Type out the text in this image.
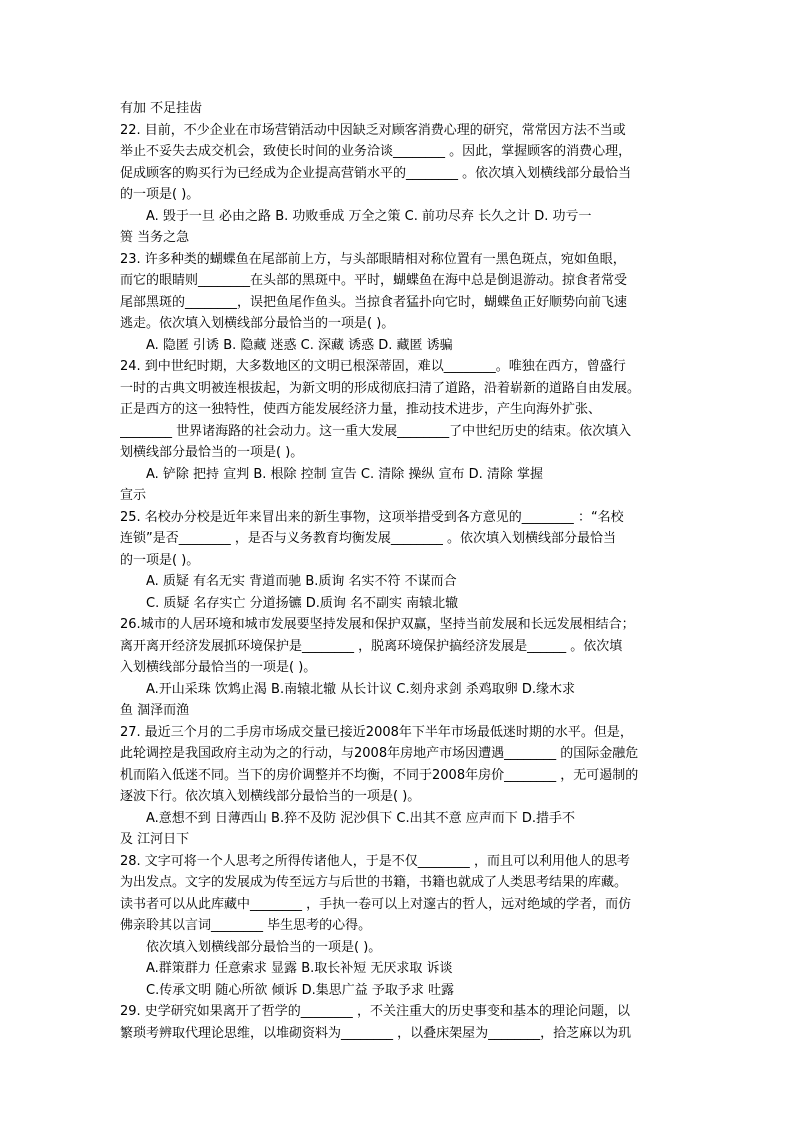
有加 不足挂齿
22. 目前，不少企业在市场营销活动中因缺乏对顾客消费心理的研究，常常因方法不当或
举止不妥失去成交机会，致使长时间的业务洽谈________ 。因此，掌握顾客的消费心理，
促成顾客的购买行为已经成为企业提高营销水平的________ 。依次填入划横线部分最恰当
的一项是( )。
A. 毁于一旦 必由之路 B. 功败垂成 万全之策 C. 前功尽弃 长久之计 D. 功亏一
篑 当务之急
23. 许多种类的蝴蝶鱼在尾部前上方，与头部眼睛相对称位置有一黑色斑点，宛如鱼眼，
而它的眼睛则________在头部的黑斑中。平时，蝴蝶鱼在海中总是倒退游动。掠食者常受
尾部黑斑的________，误把鱼尾作鱼头。当掠食者猛扑向它时，蝴蝶鱼正好顺势向前飞速
逃走。依次填入划横线部分最恰当的一项是( )。
A. 隐匿 引诱 B. 隐藏 迷惑 C. 深藏 诱惑 D. 藏匿 诱骗
24. 到中世纪时期，大多数地区的文明已根深蒂固，难以________。唯独在西方，曾盛行
一时的古典文明被连根拔起，为新文明的形成彻底扫清了道路，沿着崭新的道路自由发展。
正是西方的这一独特性，使西方能发展经济力量，推动技术进步，产生向海外扩张、
________ 世界诸海路的社会动力。这一重大发展________了中世纪历史的结束。依次填入
划横线部分最恰当的一项是( )。
A. 铲除 把持 宣判 B. 根除 控制 宣告 C. 清除 操纵 宣布 D. 清除 掌握
宣示
25. 名校办分校是近年来冒出来的新生事物，这项举措受到各方意见的________ ：“名校
连锁”是否________ ，是否与义务教育均衡发展________ 。依次填入划横线部分最恰当
的一项是( )。
A. 质疑 有名无实 背道而驰 B.质询 名实不符 不谋而合
C. 质疑 名存实亡 分道扬镳 D.质询 名不副实 南辕北辙
26.城市的人居环境和城市发展要坚持发展和保护双赢，坚持当前发展和长远发展相结合；
离开离开经济发展抓环境保护是________ ，脱离环境保护搞经济发展是______ 。依次填
入划横线部分最恰当的一项是( )。
A.开山采珠 饮鸩止渴 B.南辕北辙 从长计议 C.刻舟求剑 杀鸡取卵 D.缘木求
鱼 涸泽而渔
27. 最近三个月的二手房市场成交量已接近2008年下半年市场最低迷时期的水平。但是，
此轮调控是我国政府主动为之的行动，与2008年房地产市场因遭遇________ 的国际金融危
机而陷入低迷不同。当下的房价调整并不均衡，不同于2008年房价________ ，无可遏制的
逐波下行。依次填入划横线部分最恰当的一项是( )。
A.意想不到 日薄西山 B.猝不及防 泥沙俱下 C.出其不意 应声而下 D.措手不
及 江河日下
28. 文字可将一个人思考之所得传诸他人，于是不仅________ ，而且可以利用他人的思考
为出发点。文字的发展成为传至远方与后世的书籍，书籍也就成了人类思考结果的库藏。
读书者可以从此库藏中________ ，手执一卷可以上对邃古的哲人，远对绝域的学者，而仿
佛亲聆其以言词________ 毕生思考的心得。
依次填入划横线部分最恰当的一项是( )。
A.群策群力 任意索求 显露 B.取长补短 无厌求取 诉谈
C.传承文明 随心所欲 倾诉 D.集思广益 予取予求 吐露
29. 史学研究如果离开了哲学的________ ，不关注重大的历史事变和基本的理论问题，以
繁琐考辨取代理论思维，以堆砌资料为________ ，以叠床架屋为________，拾芝麻以为玑
